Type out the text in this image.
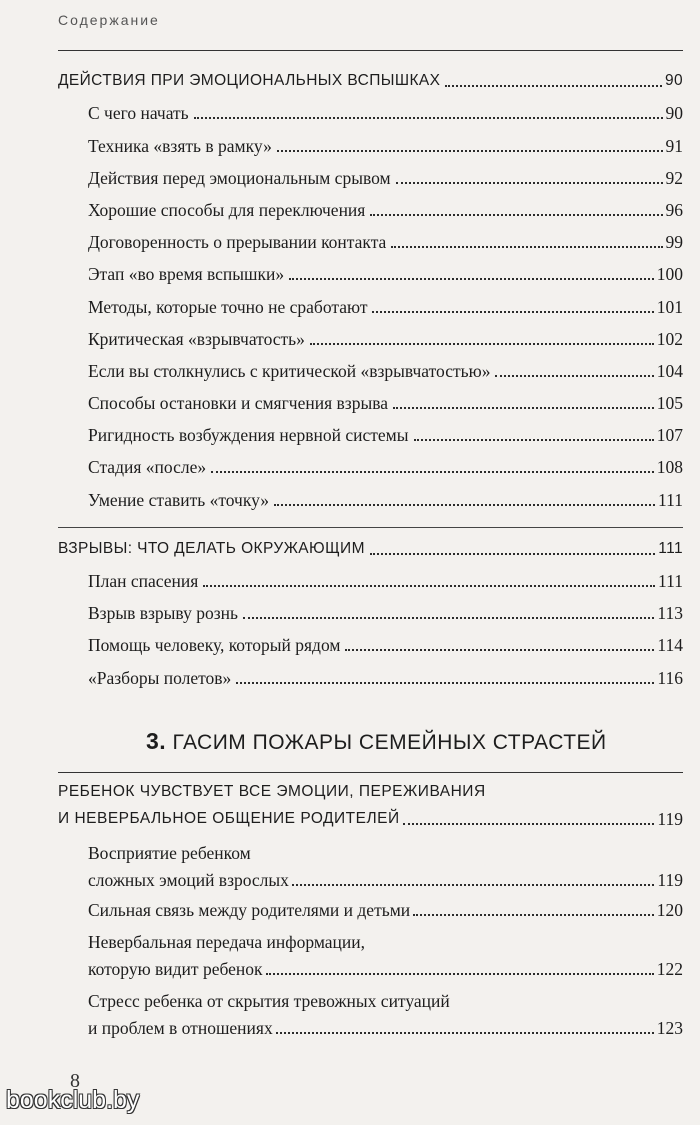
Содержание
ДЕЙСТВИЯ ПРИ ЭМОЦИОНАЛЬНЫХ ВСПЫШКАХ	90
С чего начать	90
Техника «взять в рамку»	91
Действия перед эмоциональным срывом	92
Хорошие способы для переключения	96
Договоренность о прерывании контакта	99
Этап «во время вспышки»	100
Методы, которые точно не сработают	101
Критическая «взрывчатость»	102
Если вы столкнулись с критической «взрывчатостью»	104
Способы остановки и смягчения взрыва	105
Ригидность возбуждения нервной системы	107
Стадия «после»	108
Умение ставить «точку»	111
ВЗРЫВЫ: ЧТО ДЕЛАТЬ ОКРУЖАЮЩИМ	111
План спасения	111
Взрыв взрыву рознь	113
Помощь человеку, который рядом	114
«Разборы полетов»	116
3. ГАСИМ ПОЖАРЫ СЕМЕЙНЫХ СТРАСТЕЙ
РЕБЕНОК ЧУВСТВУЕТ ВСЕ ЭМОЦИИ, ПЕРЕЖИВАНИЯ
И НЕВЕРБАЛЬНОЕ ОБЩЕНИЕ РОДИТЕЛЕЙ	119
Восприятие ребенком
сложных эмоций взрослых	119
Сильная связь между родителями и детьми	120
Невербальная передача информации,
которую видит ребенок	122
Стресс ребенка от скрытия тревожных ситуаций
и проблем в отношениях	123
8
bookclub.by
